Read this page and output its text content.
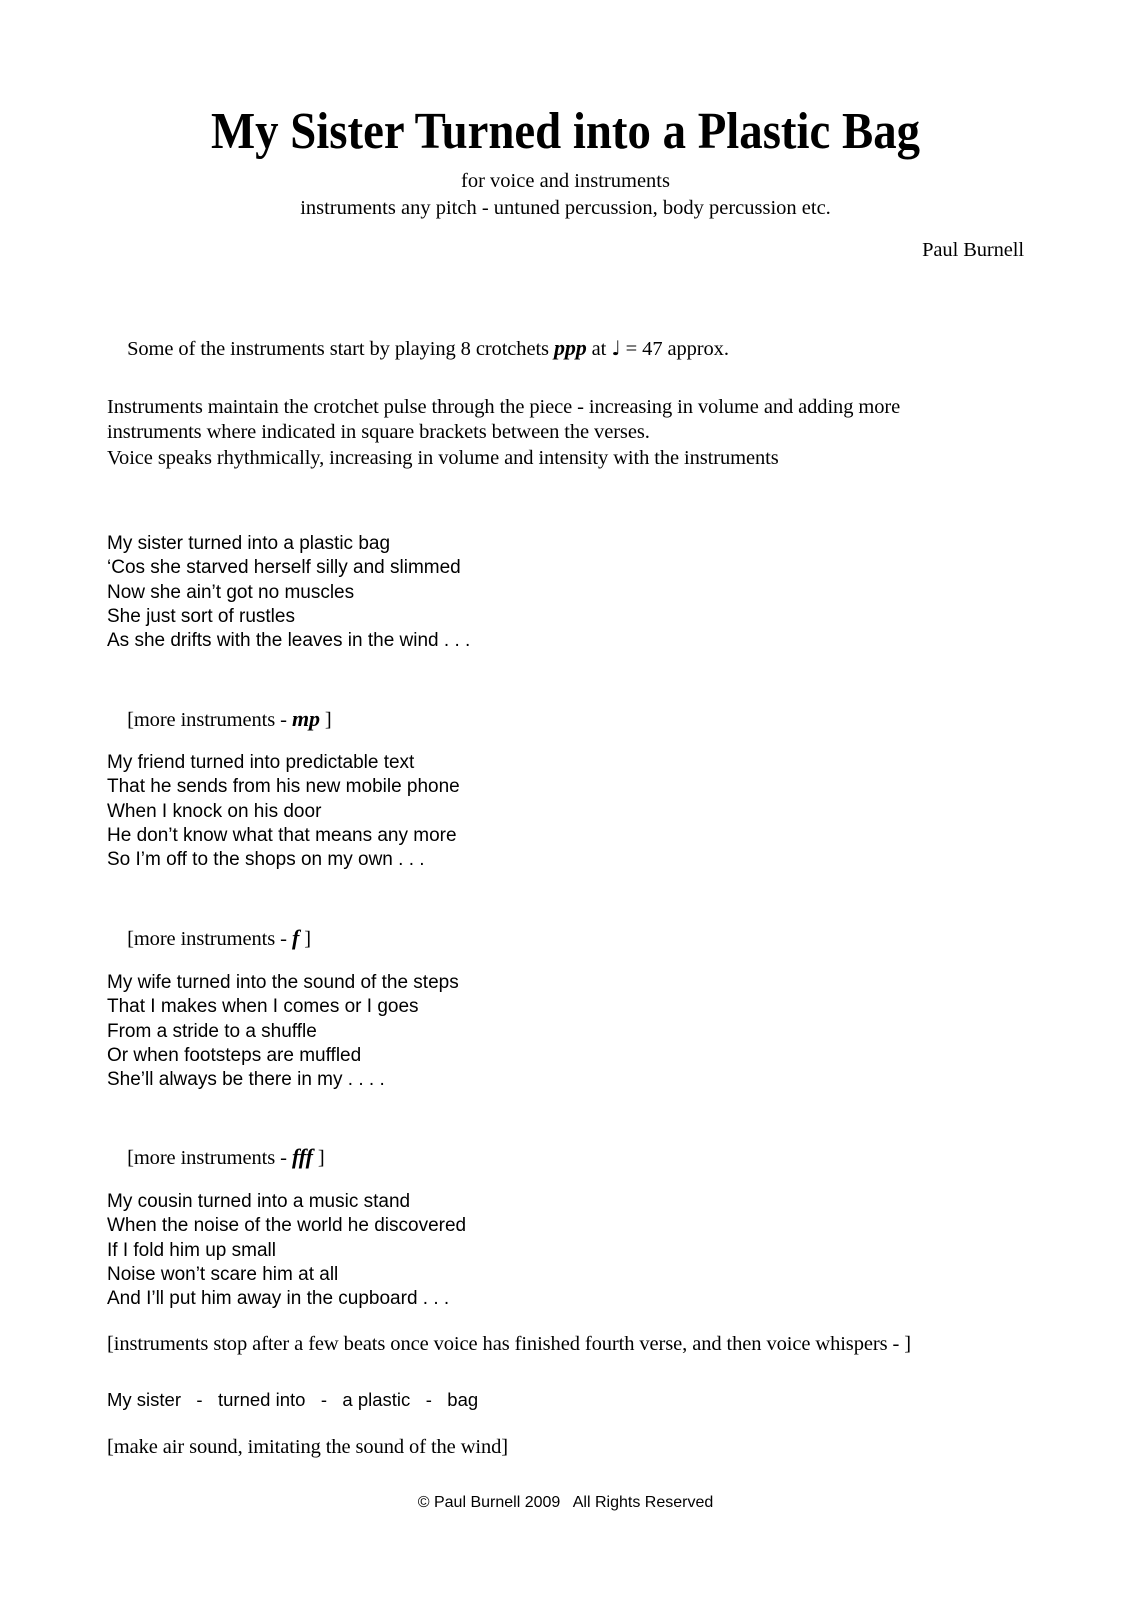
My Sister Turned into a Plastic Bag
for voice and instruments
instruments any pitch - untuned percussion, body percussion etc.
Paul Burnell

Some of the instruments start by playing 8 crotchets ppp at ♩ = 47 approx.

Instruments maintain the crotchet pulse through the piece - increasing in volume and adding more
instruments where indicated in square brackets between the verses.
Voice speaks rhythmically, increasing in volume and intensity with the instruments
My sister turned into a plastic bag
‘Cos she starved herself silly and slimmed
Now she ain’t got no muscles
She just sort of rustles
As she drifts with the leaves in the wind . . .

[more instruments - mp ]

My friend turned into predictable text
That he sends from his new mobile phone
When I knock on his door
He don’t know what that means any more
So I’m off to the shops on my own . . .

[more instruments - f ]

My wife turned into the sound of the steps
That I makes when I comes or I goes
From a stride to a shuffle
Or when footsteps are muffled
She’ll always be there in my . . . .

[more instruments - fff ]

My cousin turned into a music stand
When the noise of the world he discovered
If I fold him up small
Noise won’t scare him at all
And I’ll put him away in the cupboard . . .
[instruments stop after a few beats once voice has finished fourth verse, and then voice whispers - ]
My sister   -   turned into   -   a plastic   -   bag
[make air sound, imitating the sound of the wind]
© Paul Burnell 2009   All Rights Reserved
